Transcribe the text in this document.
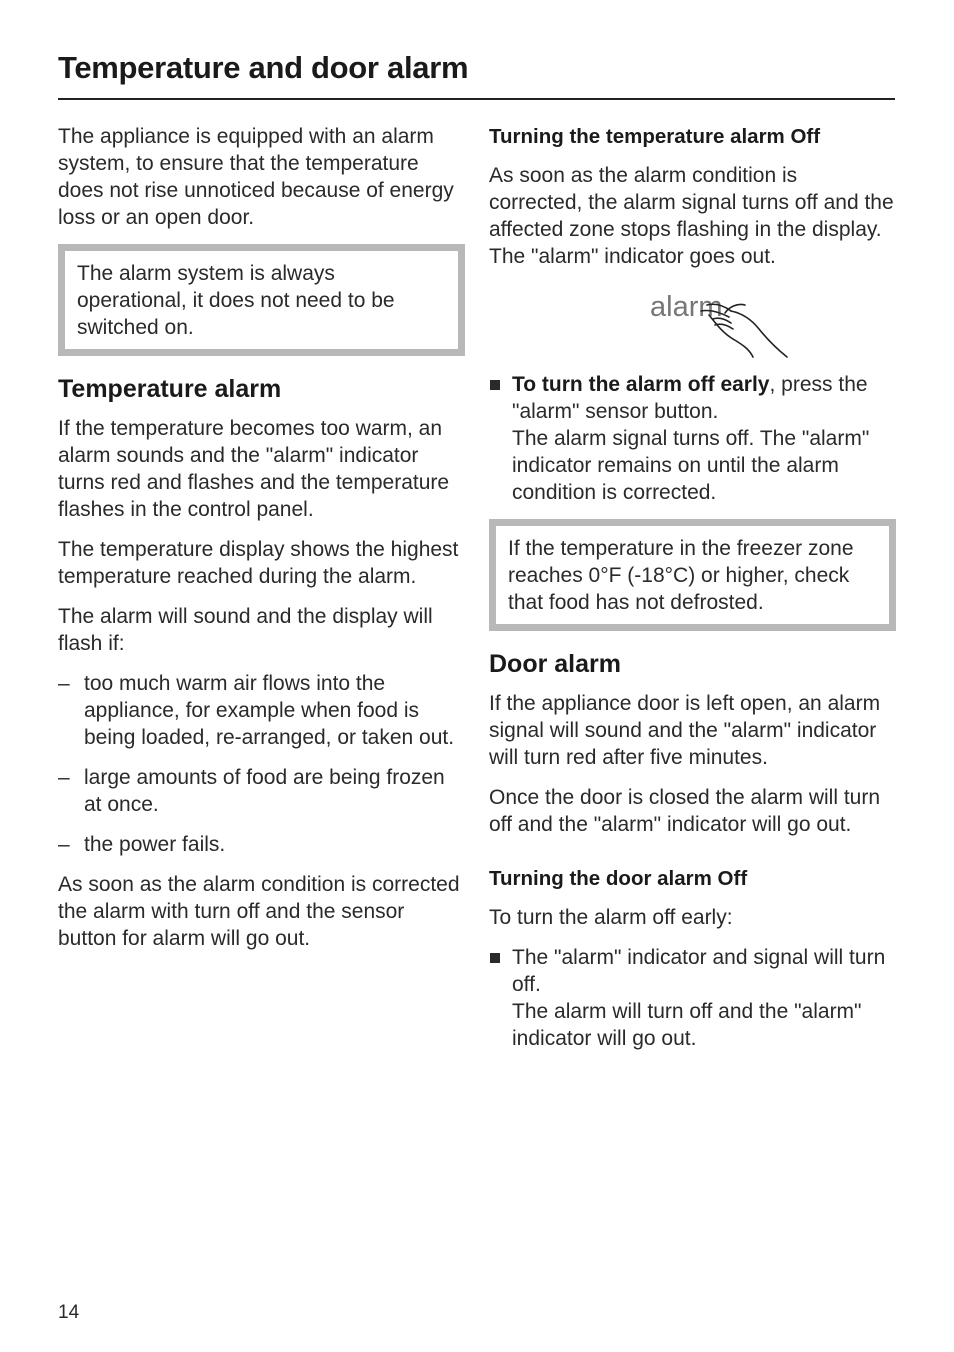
Temperature and door alarm

The appliance is equipped with an alarm system, to ensure that the temperature does not rise unnoticed because of energy loss or an open door.

The alarm system is always operational, it does not need to be switched on.
Temperature alarm

If the temperature becomes too warm, an alarm sounds and the "alarm" indicator turns red and flashes and the temperature flashes in the control panel.

The temperature display shows the highest temperature reached during the alarm.

The alarm will sound and the display will flash if:

– too much warm air flows into the appliance, for example when food is being loaded, re-arranged, or taken out.
– large amounts of food are being frozen at once.
– the power fails.

As soon as the alarm condition is corrected the alarm with turn off and the sensor button for alarm will go out.

Turning the temperature alarm Off

As soon as the alarm condition is corrected, the alarm signal turns off and the affected zone stops flashing in the display. The "alarm" indicator goes out.

alarm
To turn the alarm off early, press the "alarm" sensor button.
The alarm signal turns off. The "alarm" indicator remains on until the alarm condition is corrected.
If the temperature in the freezer zone reaches 0°F (-18°C) or higher, check that food has not defrosted.
Door alarm

If the appliance door is left open, an alarm signal will sound and the "alarm" indicator will turn red after five minutes.

Once the door is closed the alarm will turn off and the "alarm" indicator will go out.

Turning the door alarm Off

To turn the alarm off early:

The "alarm" indicator and signal will turn off.
The alarm will turn off and the "alarm" indicator will go out.
14
